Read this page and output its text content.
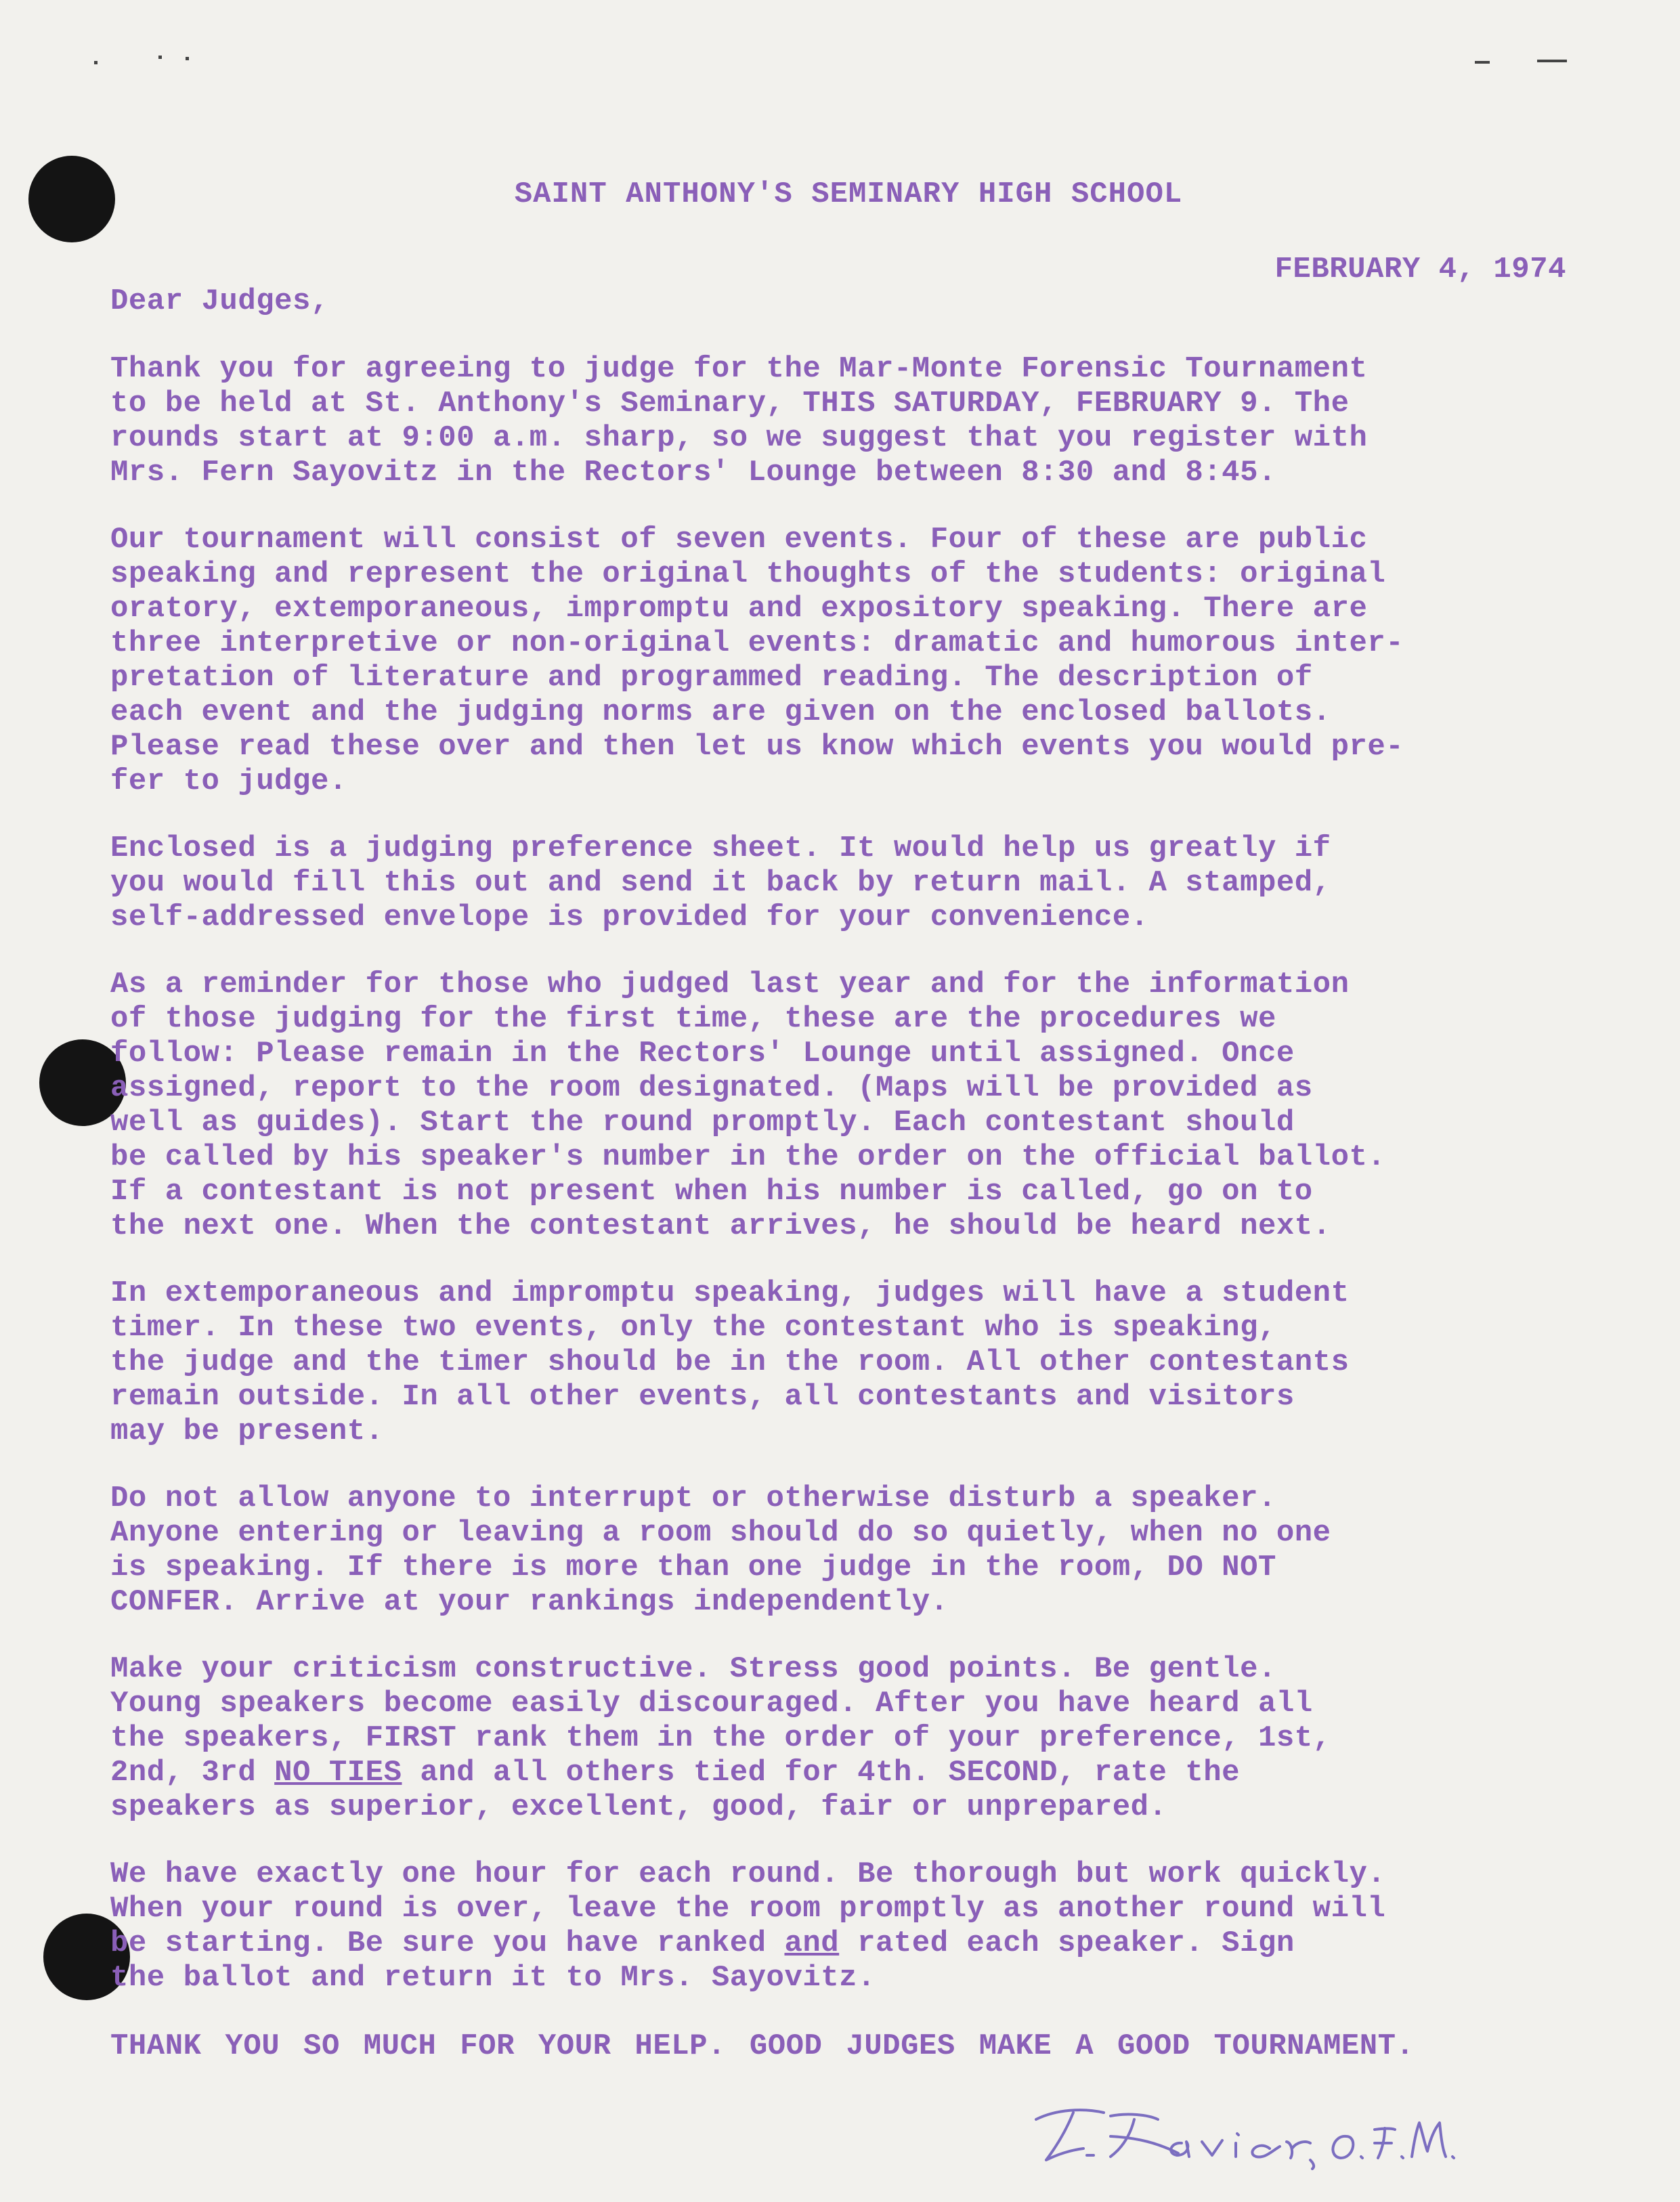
SAINT ANTHONY'S SEMINARY HIGH SCHOOL
FEBRUARY 4, 1974
Dear Judges,

Thank you for agreeing to judge for the Mar-Monte Forensic Tournament
to be held at St. Anthony's Seminary, THIS SATURDAY, FEBRUARY 9. The
rounds start at 9:00 a.m. sharp, so we suggest that you register with
Mrs. Fern Sayovitz in the Rectors' Lounge between 8:30 and 8:45.

Our tournament will consist of seven events. Four of these are public
speaking and represent the original thoughts of the students: original
oratory, extemporaneous, impromptu and expository speaking. There are
three interpretive or non-original events: dramatic and humorous inter-
pretation of literature and programmed reading. The description of
each event and the judging norms are given on the enclosed ballots.
Please read these over and then let us know which events you would pre-
fer to judge.

Enclosed is a judging preference sheet. It would help us greatly if
you would fill this out and send it back by return mail. A stamped,
self-addressed envelope is provided for your convenience.

As a reminder for those who judged last year and for the information
of those judging for the first time, these are the procedures we
follow: Please remain in the Rectors' Lounge until assigned. Once
assigned, report to the room designated. (Maps will be provided as
well as guides). Start the round promptly. Each contestant should
be called by his speaker's number in the order on the official ballot.
If a contestant is not present when his number is called, go on to
the next one. When the contestant arrives, he should be heard next.

In extemporaneous and impromptu speaking, judges will have a student
timer. In these two events, only the contestant who is speaking,
the judge and the timer should be in the room. All other contestants
remain outside. In all other events, all contestants and visitors
may be present.

Do not allow anyone to interrupt or otherwise disturb a speaker.
Anyone entering or leaving a room should do so quietly, when no one
is speaking. If there is more than one judge in the room, DO NOT
CONFER. Arrive at your rankings independently.

Make your criticism constructive. Stress good points. Be gentle.
Young speakers become easily discouraged. After you have heard all
the speakers, FIRST rank them in the order of your preference, 1st,
2nd, 3rd NO TIES and all others tied for 4th. SECOND, rate the
speakers as superior, excellent, good, fair or unprepared.

We have exactly one hour for each round. Be thorough but work quickly.
When your round is over, leave the room promptly as another round will
be starting. Be sure you have ranked and rated each speaker. Sign
the ballot and return it to Mrs. Sayovitz.

THANK YOU SO MUCH FOR YOUR HELP. GOOD JUDGES MAKE A GOOD TOURNAMENT.
